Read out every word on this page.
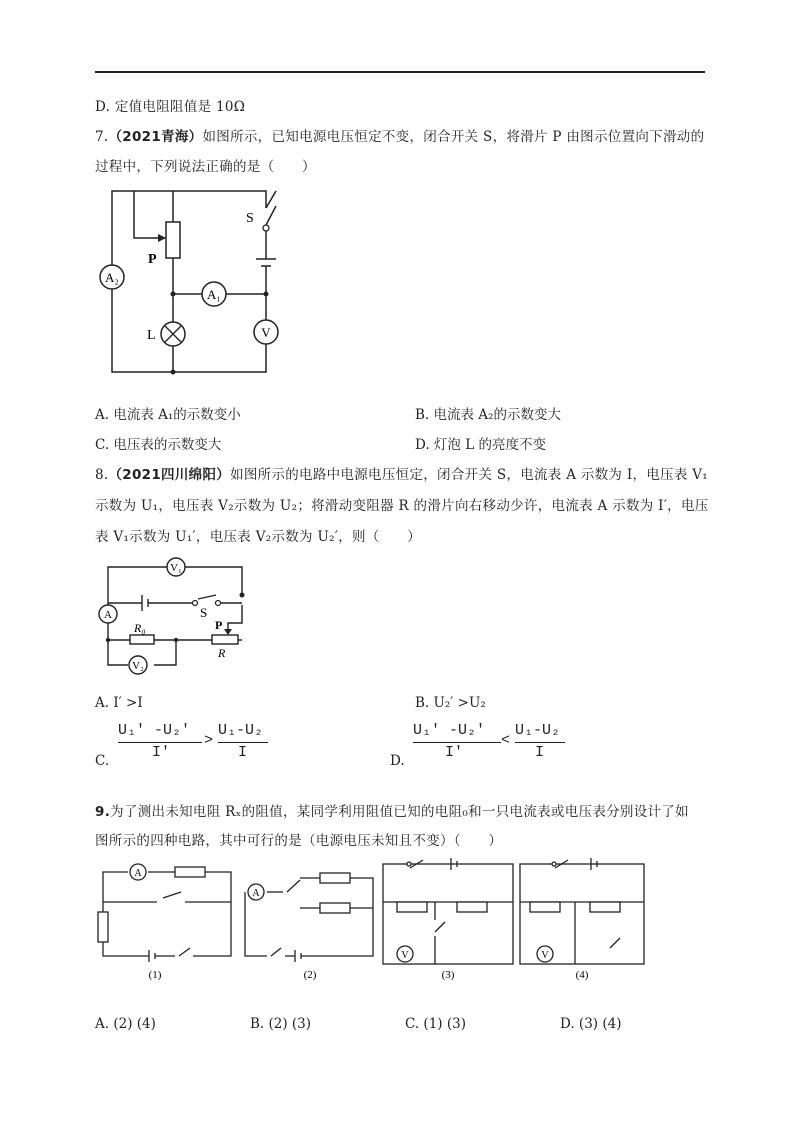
D. 定值电阻阻值是 10Ω
7.（2021青海）如图所示，已知电源电压恒定不变，闭合开关 S，将滑片 P 由图示位置向下滑动的
过程中，下列说法正确的是（　　）
A₂
A₁
V
L
P
S
A. 电流表 A₁的示数变小	B. 电流表 A₂的示数变大
C. 电压表的示数变大	D. 灯泡 L 的亮度不变
8.（2021四川绵阳）如图所示的电路中电源电压恒定，闭合开关 S，电流表 A 示数为 I，电压表 V₁
示数为 U₁，电压表 V₂示数为 U₂；将滑动变阻器 R 的滑片向右移动少许，电流表 A 示数为 I′，电压
表 V₁示数为 U₁′，电压表 V₂示数为 U₂′，则（　　）
V₁
A
V₂
S
R₀	P
R
A. I′ >I	B. U₂′ >U₂
C.
U₁′ -U₂′
I′
>
U₁-U₂
I	D.
U₁′ -U₂′
I′
<
U₁-U₂
I
9.为了测出未知电阻 Rₓ的阻值，某同学利用阻值已知的电阻₀和一只电流表或电压表分别设计了如
图所示的四种电路，其中可行的是（电源电压未知且不变）（　　）
A
A
V	V
(1)	(2)	(3)	(4)
A. (2) (4)	B. (2) (3)	C. (1) (3)	D. (3) (4)
